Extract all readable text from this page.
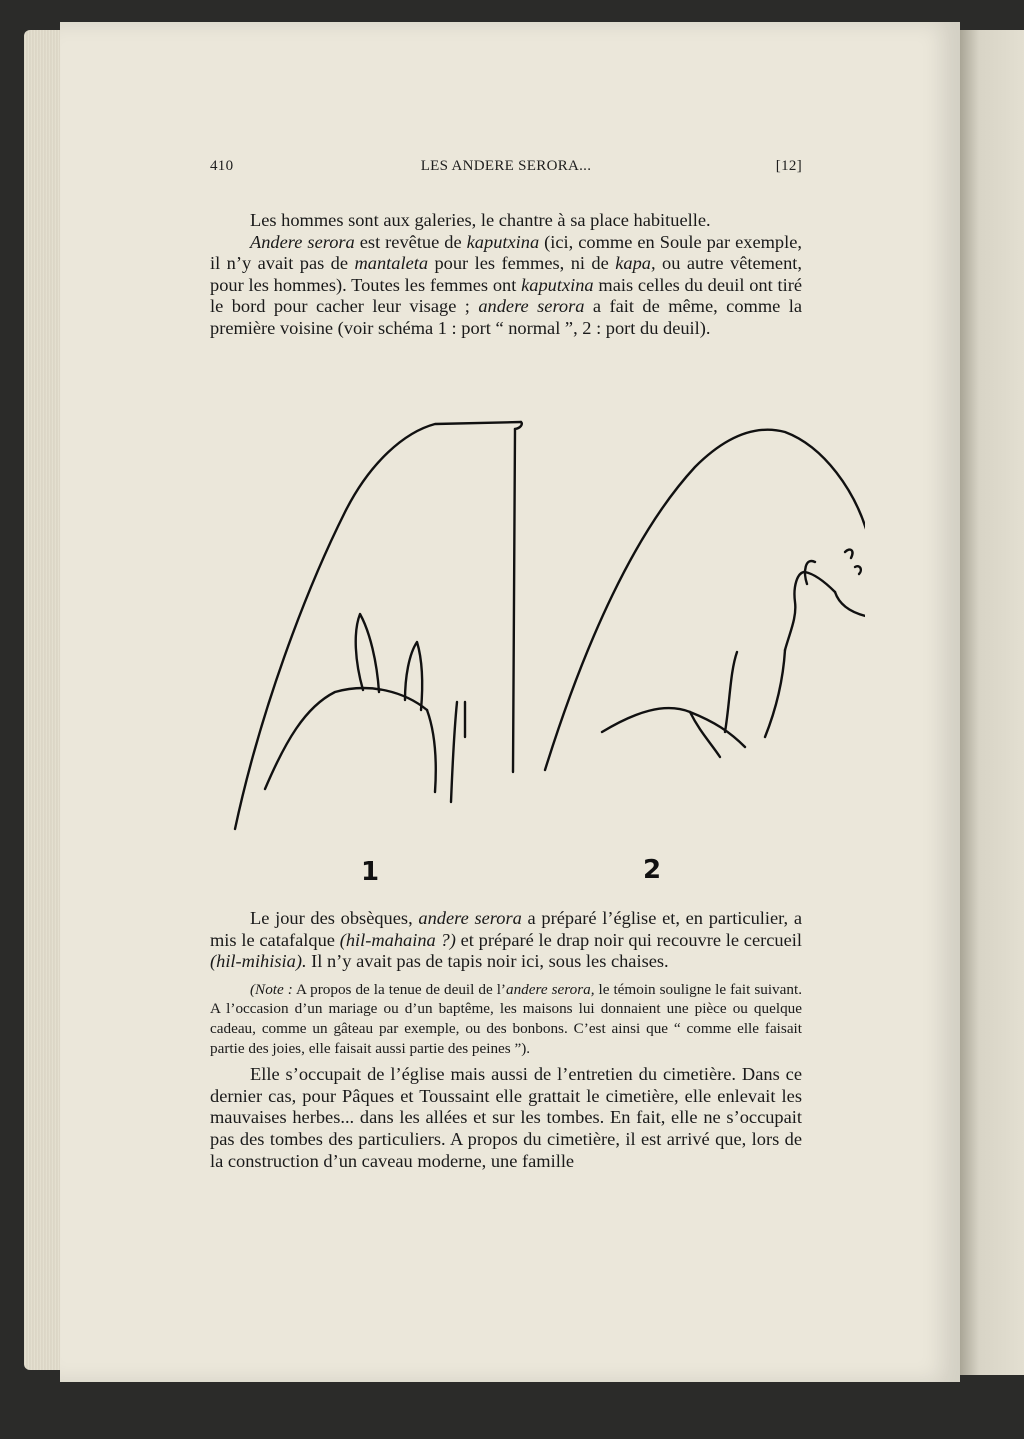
410	LES ANDERE SERORA...	[12]

Les hommes sont aux galeries, le chantre à sa place habituelle.

Andere serora est revêtue de kaputxina (ici, comme en Soule par exemple, il n’y avait pas de mantaleta pour les femmes, ni de kapa, ou autre vêtement, pour les hommes). Toutes les femmes ont kaputxina mais celles du deuil ont tiré le bord pour cacher leur visage ; andere serora a fait de même, comme la première voisine (voir schéma 1 : port “ normal ”, 2 : port du deuil).

1	2

Le jour des obsèques, andere serora a préparé l’église et, en particulier, a mis le catafalque (hil-mahaina ?) et préparé le drap noir qui recouvre le cercueil (hil-mihisia). Il n’y avait pas de tapis noir ici, sous les chaises.

(Note : A propos de la tenue de deuil de l’andere serora, le témoin souligne le fait suivant. A l’occasion d’un mariage ou d’un baptême, les maisons lui donnaient une pièce ou quelque cadeau, comme un gâteau par exemple, ou des bonbons. C’est ainsi que “ comme elle faisait partie des joies, elle faisait aussi partie des peines ”).

Elle s’occupait de l’église mais aussi de l’entretien du cimetière. Dans ce dernier cas, pour Pâques et Toussaint elle grattait le cimetière, elle enlevait les mauvaises herbes... dans les allées et sur les tombes. En fait, elle ne s’occupait pas des tombes des particuliers. A propos du cimetière, il est arrivé que, lors de la construction d’un caveau moderne, une famille
